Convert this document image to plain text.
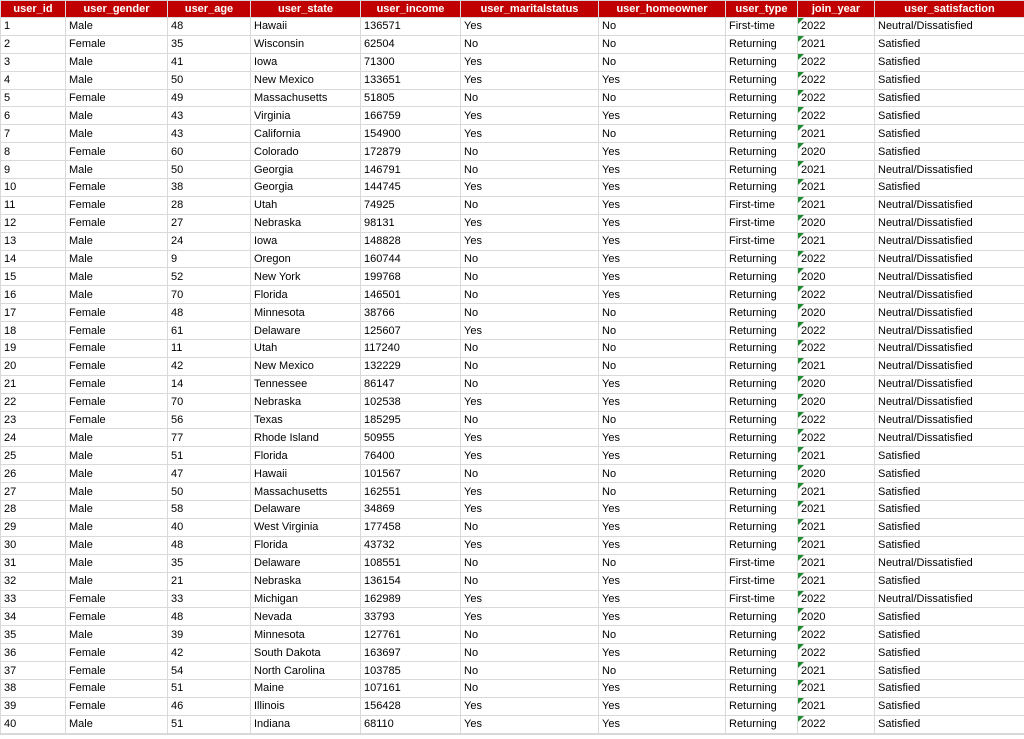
user_id	user_gender	user_age	user_state	user_income	user_maritalstatus	user_homeowner	user_type	join_year	user_satisfaction
1	Male	48	Hawaii	136571	Yes	No	First-time	2022	Neutral/Dissatisfied
2	Female	35	Wisconsin	62504	No	No	Returning	2021	Satisfied
3	Male	41	Iowa	71300	Yes	No	Returning	2022	Satisfied
4	Male	50	New Mexico	133651	Yes	Yes	Returning	2022	Satisfied
5	Female	49	Massachusetts	51805	No	No	Returning	2022	Satisfied
6	Male	43	Virginia	166759	Yes	Yes	Returning	2022	Satisfied
7	Male	43	California	154900	Yes	No	Returning	2021	Satisfied
8	Female	60	Colorado	172879	No	Yes	Returning	2020	Satisfied
9	Male	50	Georgia	146791	No	Yes	Returning	2021	Neutral/Dissatisfied
10	Female	38	Georgia	144745	Yes	Yes	Returning	2021	Satisfied
11	Female	28	Utah	74925	No	Yes	First-time	2021	Neutral/Dissatisfied
12	Female	27	Nebraska	98131	Yes	Yes	First-time	2020	Neutral/Dissatisfied
13	Male	24	Iowa	148828	Yes	Yes	First-time	2021	Neutral/Dissatisfied
14	Male	9	Oregon	160744	No	Yes	Returning	2022	Neutral/Dissatisfied
15	Male	52	New York	199768	No	Yes	Returning	2020	Neutral/Dissatisfied
16	Male	70	Florida	146501	No	Yes	Returning	2022	Neutral/Dissatisfied
17	Female	48	Minnesota	38766	No	No	Returning	2020	Neutral/Dissatisfied
18	Female	61	Delaware	125607	Yes	No	Returning	2022	Neutral/Dissatisfied
19	Female	11	Utah	117240	No	No	Returning	2022	Neutral/Dissatisfied
20	Female	42	New Mexico	132229	No	No	Returning	2021	Neutral/Dissatisfied
21	Female	14	Tennessee	86147	No	Yes	Returning	2020	Neutral/Dissatisfied
22	Female	70	Nebraska	102538	Yes	Yes	Returning	2020	Neutral/Dissatisfied
23	Female	56	Texas	185295	No	No	Returning	2022	Neutral/Dissatisfied
24	Male	77	Rhode Island	50955	Yes	Yes	Returning	2022	Neutral/Dissatisfied
25	Male	51	Florida	76400	Yes	Yes	Returning	2021	Satisfied
26	Male	47	Hawaii	101567	No	No	Returning	2020	Satisfied
27	Male	50	Massachusetts	162551	Yes	No	Returning	2021	Satisfied
28	Male	58	Delaware	34869	Yes	Yes	Returning	2021	Satisfied
29	Male	40	West Virginia	177458	No	Yes	Returning	2021	Satisfied
30	Male	48	Florida	43732	Yes	Yes	Returning	2021	Satisfied
31	Male	35	Delaware	108551	No	No	First-time	2021	Neutral/Dissatisfied
32	Male	21	Nebraska	136154	No	Yes	First-time	2021	Satisfied
33	Female	33	Michigan	162989	Yes	Yes	First-time	2022	Neutral/Dissatisfied
34	Female	48	Nevada	33793	Yes	Yes	Returning	2020	Satisfied
35	Male	39	Minnesota	127761	No	No	Returning	2022	Satisfied
36	Female	42	South Dakota	163697	No	Yes	Returning	2022	Satisfied
37	Female	54	North Carolina	103785	No	No	Returning	2021	Satisfied
38	Female	51	Maine	107161	No	Yes	Returning	2021	Satisfied
39	Female	46	Illinois	156428	Yes	Yes	Returning	2021	Satisfied
40	Male	51	Indiana	68110	Yes	Yes	Returning	2022	Satisfied
